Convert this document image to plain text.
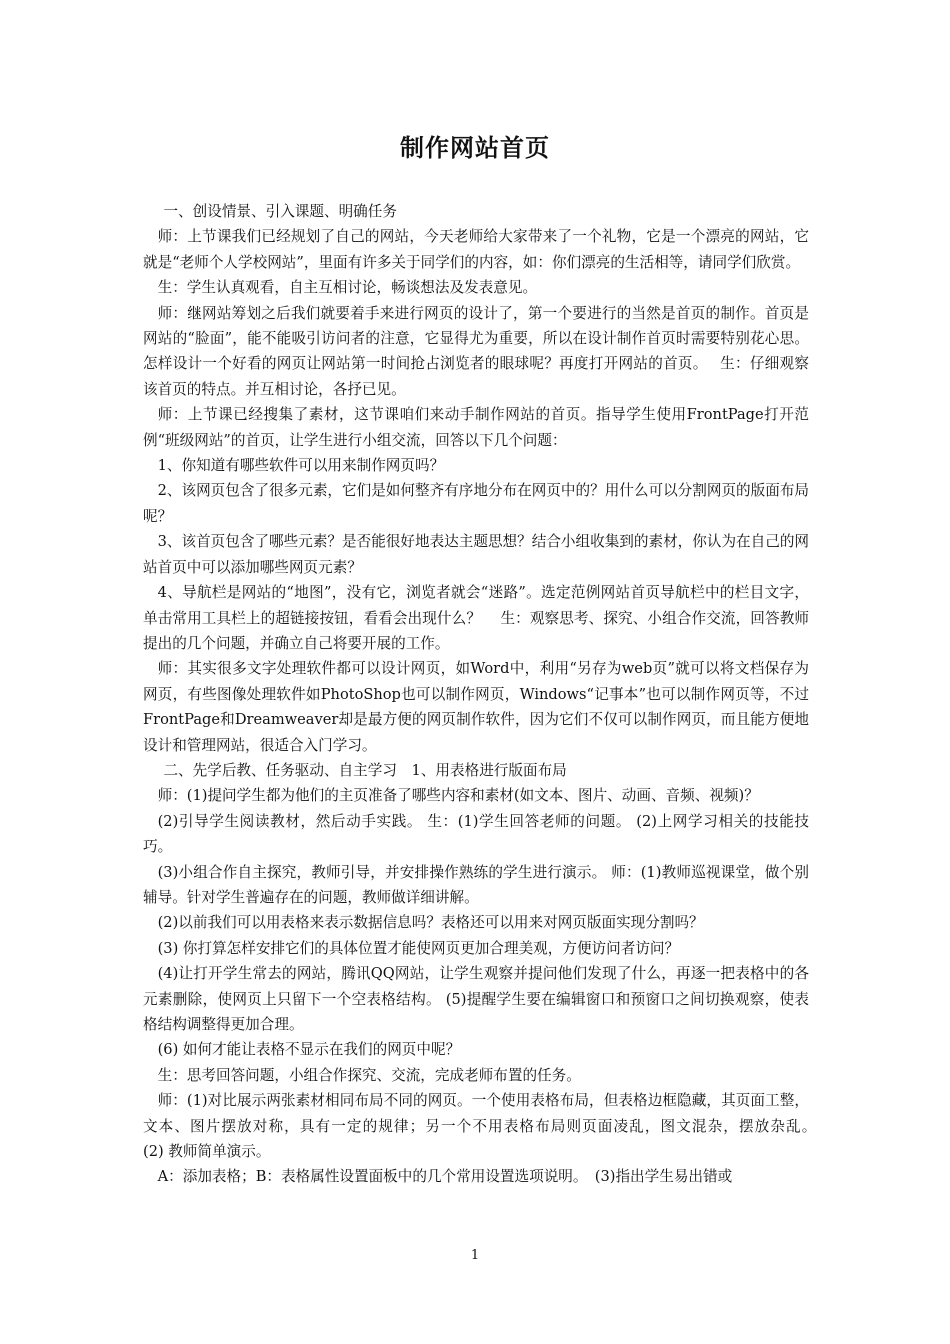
制作网站首页

一、创设情景、引入课题、明确任务

师：上节课我们已经规划了自己的网站，今天老师给大家带来了一个礼物，它是一个漂亮的网站，它就是“老师个人学校网站”，里面有许多关于同学们的内容，如：你们漂亮的生活相等，请同学们欣赏。

生：学生认真观看，自主互相讨论，畅谈想法及发表意见。

师：继网站筹划之后我们就要着手来进行网页的设计了，第一个要进行的当然是首页的制作。首页是网站的“脸面”，能不能吸引访问者的注意，它显得尤为重要，所以在设计制作首页时需要特别花心思。怎样设计一个好看的网页让网站第一时间抢占浏览者的眼球呢？再度打开网站的首页。　 生：仔细观察该首页的特点。并互相讨论，各抒已见。

师：上节课已经搜集了素材，这节课咱们来动手制作网站的首页。指导学生使用FrontPage打开范例“班级网站”的首页，让学生进行小组交流，回答以下几个问题：

1、你知道有哪些软件可以用来制作网页吗？

2、该网页包含了很多元素，它们是如何整齐有序地分布在网页中的？用什么可以分割网页的版面布局呢？

3、该首页包含了哪些元素？是否能很好地表达主题思想？结合小组收集到的素材，你认为在自己的网站首页中可以添加哪些网页元素？

4、导航栏是网站的“地图”，没有它，浏览者就会“迷路”。选定范例网站首页导航栏中的栏目文字，单击常用工具栏上的超链接按钮，看看会出现什么？　 生：观察思考、探究、小组合作交流，回答教师提出的几个问题，并确立自己将要开展的工作。

师：其实很多文字处理软件都可以设计网页，如Word中，利用“另存为web页”就可以将文档保存为网页，有些图像处理软件如PhotoShop也可以制作网页，Windows“记事本”也可以制作网页等，不过FrontPage和Dreamweaver却是最方便的网页制作软件，因为它们不仅可以制作网页，而且能方便地设计和管理网站，很适合入门学习。

二、先学后教、任务驱动、自主学习　1、用表格进行版面布局

师：(1)提问学生都为他们的主页准备了哪些内容和素材(如文本、图片、动画、音频、视频)？

(2)引导学生阅读教材，然后动手实践。 生：(1)学生回答老师的问题。 (2)上网学习相关的技能技巧。

(3)小组合作自主探究，教师引导，并安排操作熟练的学生进行演示。 师：(1)教师巡视课堂，做个别辅导。针对学生普遍存在的问题，教师做详细讲解。

(2)以前我们可以用表格来表示数据信息吗？表格还可以用来对网页版面实现分割吗？

(3) 你打算怎样安排它们的具体位置才能使网页更加合理美观，方便访问者访问？

(4)让打开学生常去的网站，腾讯QQ网站，让学生观察并提问他们发现了什么，再逐一把表格中的各元素删除，使网页上只留下一个空表格结构。 (5)提醒学生要在编辑窗口和预窗口之间切换观察，使表格结构调整得更加合理。

(6) 如何才能让表格不显示在我们的网页中呢？

生：思考回答问题，小组合作探究、交流，完成老师布置的任务。

师：(1)对比展示两张素材相同布局不同的网页。一个使用表格布局，但表格边框隐藏，其页面工整，文本、图片摆放对称，具有一定的规律；另一个不用表格布局则页面凌乱，图文混杂，摆放杂乱。　　(2) 教师简单演示。

A：添加表格；B：表格属性设置面板中的几个常用设置选项说明。　(3)指出学生易出错或

1
